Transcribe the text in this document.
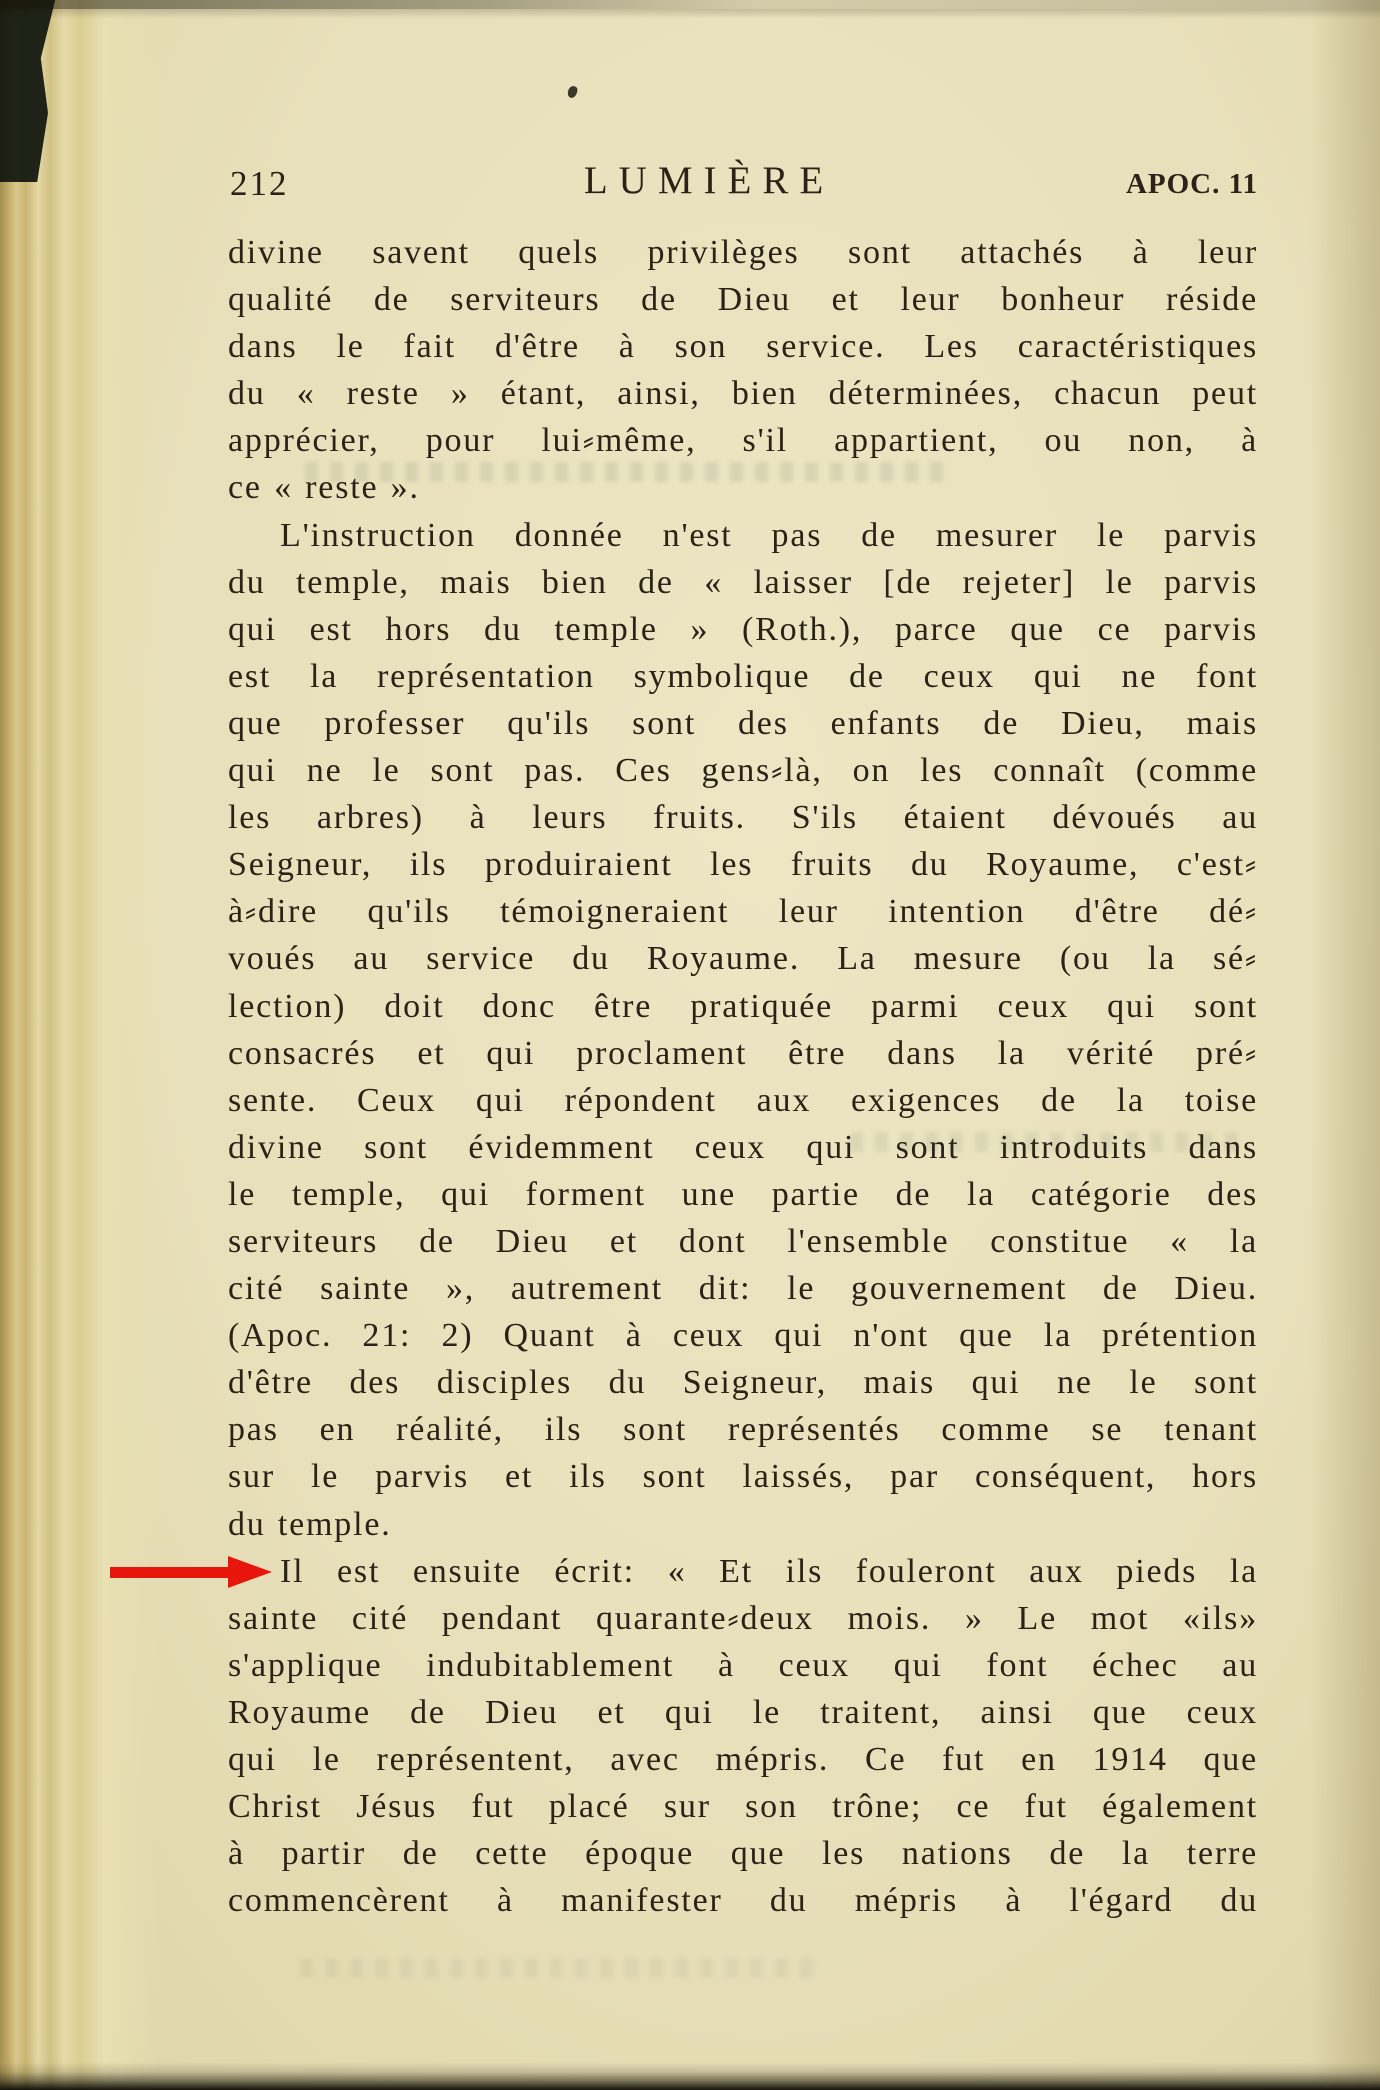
212	LUMIÈRE	APOC. 11
divine savent quels privilèges sont attachés à leur
qualité de serviteurs de Dieu et leur bonheur réside
dans le fait d'être à son service. Les caractéristiques
du « reste » étant, ainsi, bien déterminées, chacun peut
apprécier, pour lui⸗même, s'il appartient, ou non, à
ce « reste ».
L'instruction donnée n'est pas de mesurer le parvis
du temple, mais bien de « laisser [de rejeter] le parvis
qui est hors du temple » (Roth.), parce que ce parvis
est la représentation symbolique de ceux qui ne font
que professer qu'ils sont des enfants de Dieu, mais
qui ne le sont pas. Ces gens⸗là, on les connaît (comme
les arbres) à leurs fruits. S'ils étaient dévoués au
Seigneur, ils produiraient les fruits du Royaume, c'est⸗
à⸗dire qu'ils témoigneraient leur intention d'être dé⸗
voués au service du Royaume. La mesure (ou la sé⸗
lection) doit donc être pratiquée parmi ceux qui sont
consacrés et qui proclament être dans la vérité pré⸗
sente. Ceux qui répondent aux exigences de la toise
divine sont évidemment ceux qui sont introduits dans
le temple, qui forment une partie de la catégorie des
serviteurs de Dieu et dont l'ensemble constitue « la
cité sainte », autrement dit: le gouvernement de Dieu.
(Apoc. 21: 2) Quant à ceux qui n'ont que la prétention
d'être des disciples du Seigneur, mais qui ne le sont
pas en réalité, ils sont représentés comme se tenant
sur le parvis et ils sont laissés, par conséquent, hors
du temple.
Il est ensuite écrit: « Et ils fouleront aux pieds la
sainte cité pendant quarante⸗deux mois. » Le mot «ils»
s'applique indubitablement à ceux qui font échec au
Royaume de Dieu et qui le traitent, ainsi que ceux
qui le représentent, avec mépris. Ce fut en 1914 que
Christ Jésus fut placé sur son trône; ce fut également
à partir de cette époque que les nations de la terre
commencèrent à manifester du mépris à l'égard du
